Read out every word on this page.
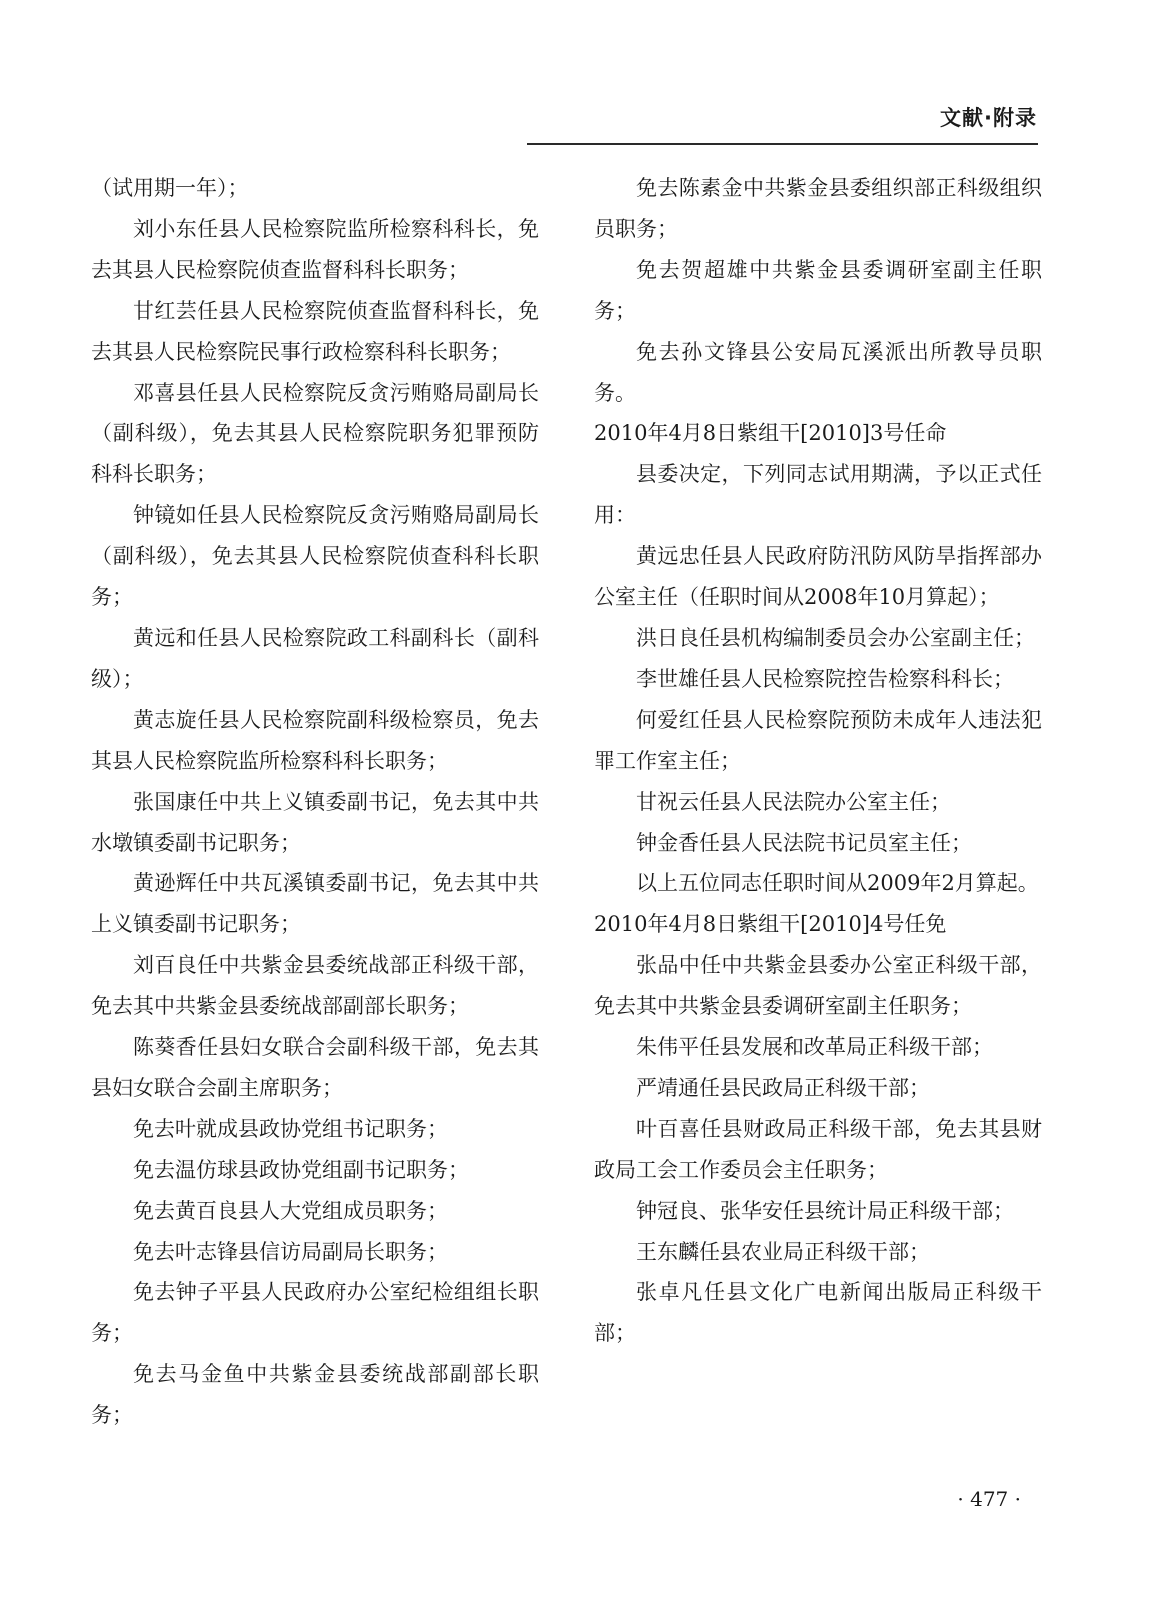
文献·附录

（试用期一年）；

刘小东任县人民检察院监所检察科科长，免去其县人民检察院侦查监督科科长职务；

甘红芸任县人民检察院侦查监督科科长，免去其县人民检察院民事行政检察科科长职务；

邓喜县任县人民检察院反贪污贿赂局副局长（副科级），免去其县人民检察院职务犯罪预防科科长职务；

钟镜如任县人民检察院反贪污贿赂局副局长（副科级），免去其县人民检察院侦查科科长职务；

黄远和任县人民检察院政工科副科长（副科级）；

黄志旋任县人民检察院副科级检察员，免去其县人民检察院监所检察科科长职务；

张国康任中共上义镇委副书记，免去其中共水墩镇委副书记职务；

黄逊辉任中共瓦溪镇委副书记，免去其中共上义镇委副书记职务；

刘百良任中共紫金县委统战部正科级干部，免去其中共紫金县委统战部副部长职务；

陈葵香任县妇女联合会副科级干部，免去其县妇女联合会副主席职务；

免去叶就成县政协党组书记职务；

免去温仿球县政协党组副书记职务；

免去黄百良县人大党组成员职务；

免去叶志锋县信访局副局长职务；

免去钟子平县人民政府办公室纪检组组长职务；

免去马金鱼中共紫金县委统战部副部长职务；

免去陈素金中共紫金县委组织部正科级组织员职务；

免去贺超雄中共紫金县委调研室副主任职务；

免去孙文锋县公安局瓦溪派出所教导员职务。

2010年4月8日紫组干[2010]3号任命

县委决定，下列同志试用期满，予以正式任用：

黄远忠任县人民政府防汛防风防旱指挥部办公室主任（任职时间从2008年10月算起）；

洪日良任县机构编制委员会办公室副主任；

李世雄任县人民检察院控告检察科科长；

何爱红任县人民检察院预防未成年人违法犯罪工作室主任；

甘祝云任县人民法院办公室主任；

钟金香任县人民法院书记员室主任；

以上五位同志任职时间从2009年2月算起。

2010年4月8日紫组干[2010]4号任免

张品中任中共紫金县委办公室正科级干部，免去其中共紫金县委调研室副主任职务；

朱伟平任县发展和改革局正科级干部；

严靖通任县民政局正科级干部；

叶百喜任县财政局正科级干部，免去其县财政局工会工作委员会主任职务；

钟冠良、张华安任县统计局正科级干部；

王东麟任县农业局正科级干部；

张卓凡任县文化广电新闻出版局正科级干部；

· 477 ·
